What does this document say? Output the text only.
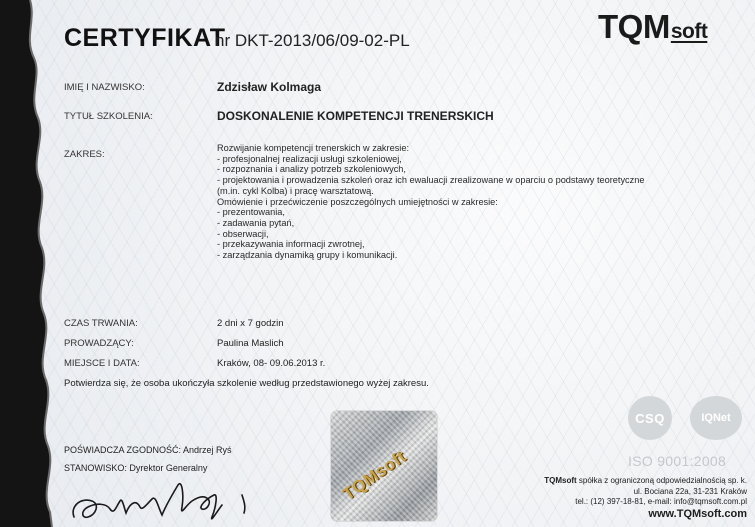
CERTYFIKAT
nr DKT-2013/06/09-02-PL	TQMsoft
IMIĘ I NAZWISKO:	Zdzisław Kolmaga
TYTUŁ SZKOLENIA:	DOSKONALENIE KOMPETENCJI TRENERSKICH
ZAKRES:
Rozwijanie kompetencji trenerskich w zakresie:
- profesjonalnej realizacji usługi szkoleniowej,
- rozpoznania i analizy potrzeb szkoleniowych,
- projektowania i prowadzenia szkoleń oraz ich ewaluacji zrealizowane w oparciu o podstawy teoretyczne
(m.in. cykl Kolba) i pracę warsztatową.
Omówienie i przećwiczenie poszczególnych umiejętności w zakresie:
- prezentowania,
- zadawania pytań,
- obserwacji,
- przekazywania informacji zwrotnej,
- zarządzania dynamiką grupy i komunikacji.
CZAS TRWANIA:	2 dni x 7 godzin
PROWADZĄCY:	Paulina Maslich
MIEJSCE I DATA:	Kraków, 08- 09.06.2013 r.
Potwierdza się, że osoba ukończyła szkolenie według przedstawionego wyżej zakresu.
POŚWIADCZA ZGODNOŚĆ: Andrzej Ryś
STANOWISKO: Dyrektor Generalny	TQMsoft
CSQ	IQNet
ISO 9001:2008
TQMsoft spółka z ograniczoną odpowiedzialnością sp. k.
ul. Bociana 22a, 31-231 Kraków
tel.: (12) 397-18-81, e-mail: info@tqmsoft.com.pl
www.TQMsoft.com
